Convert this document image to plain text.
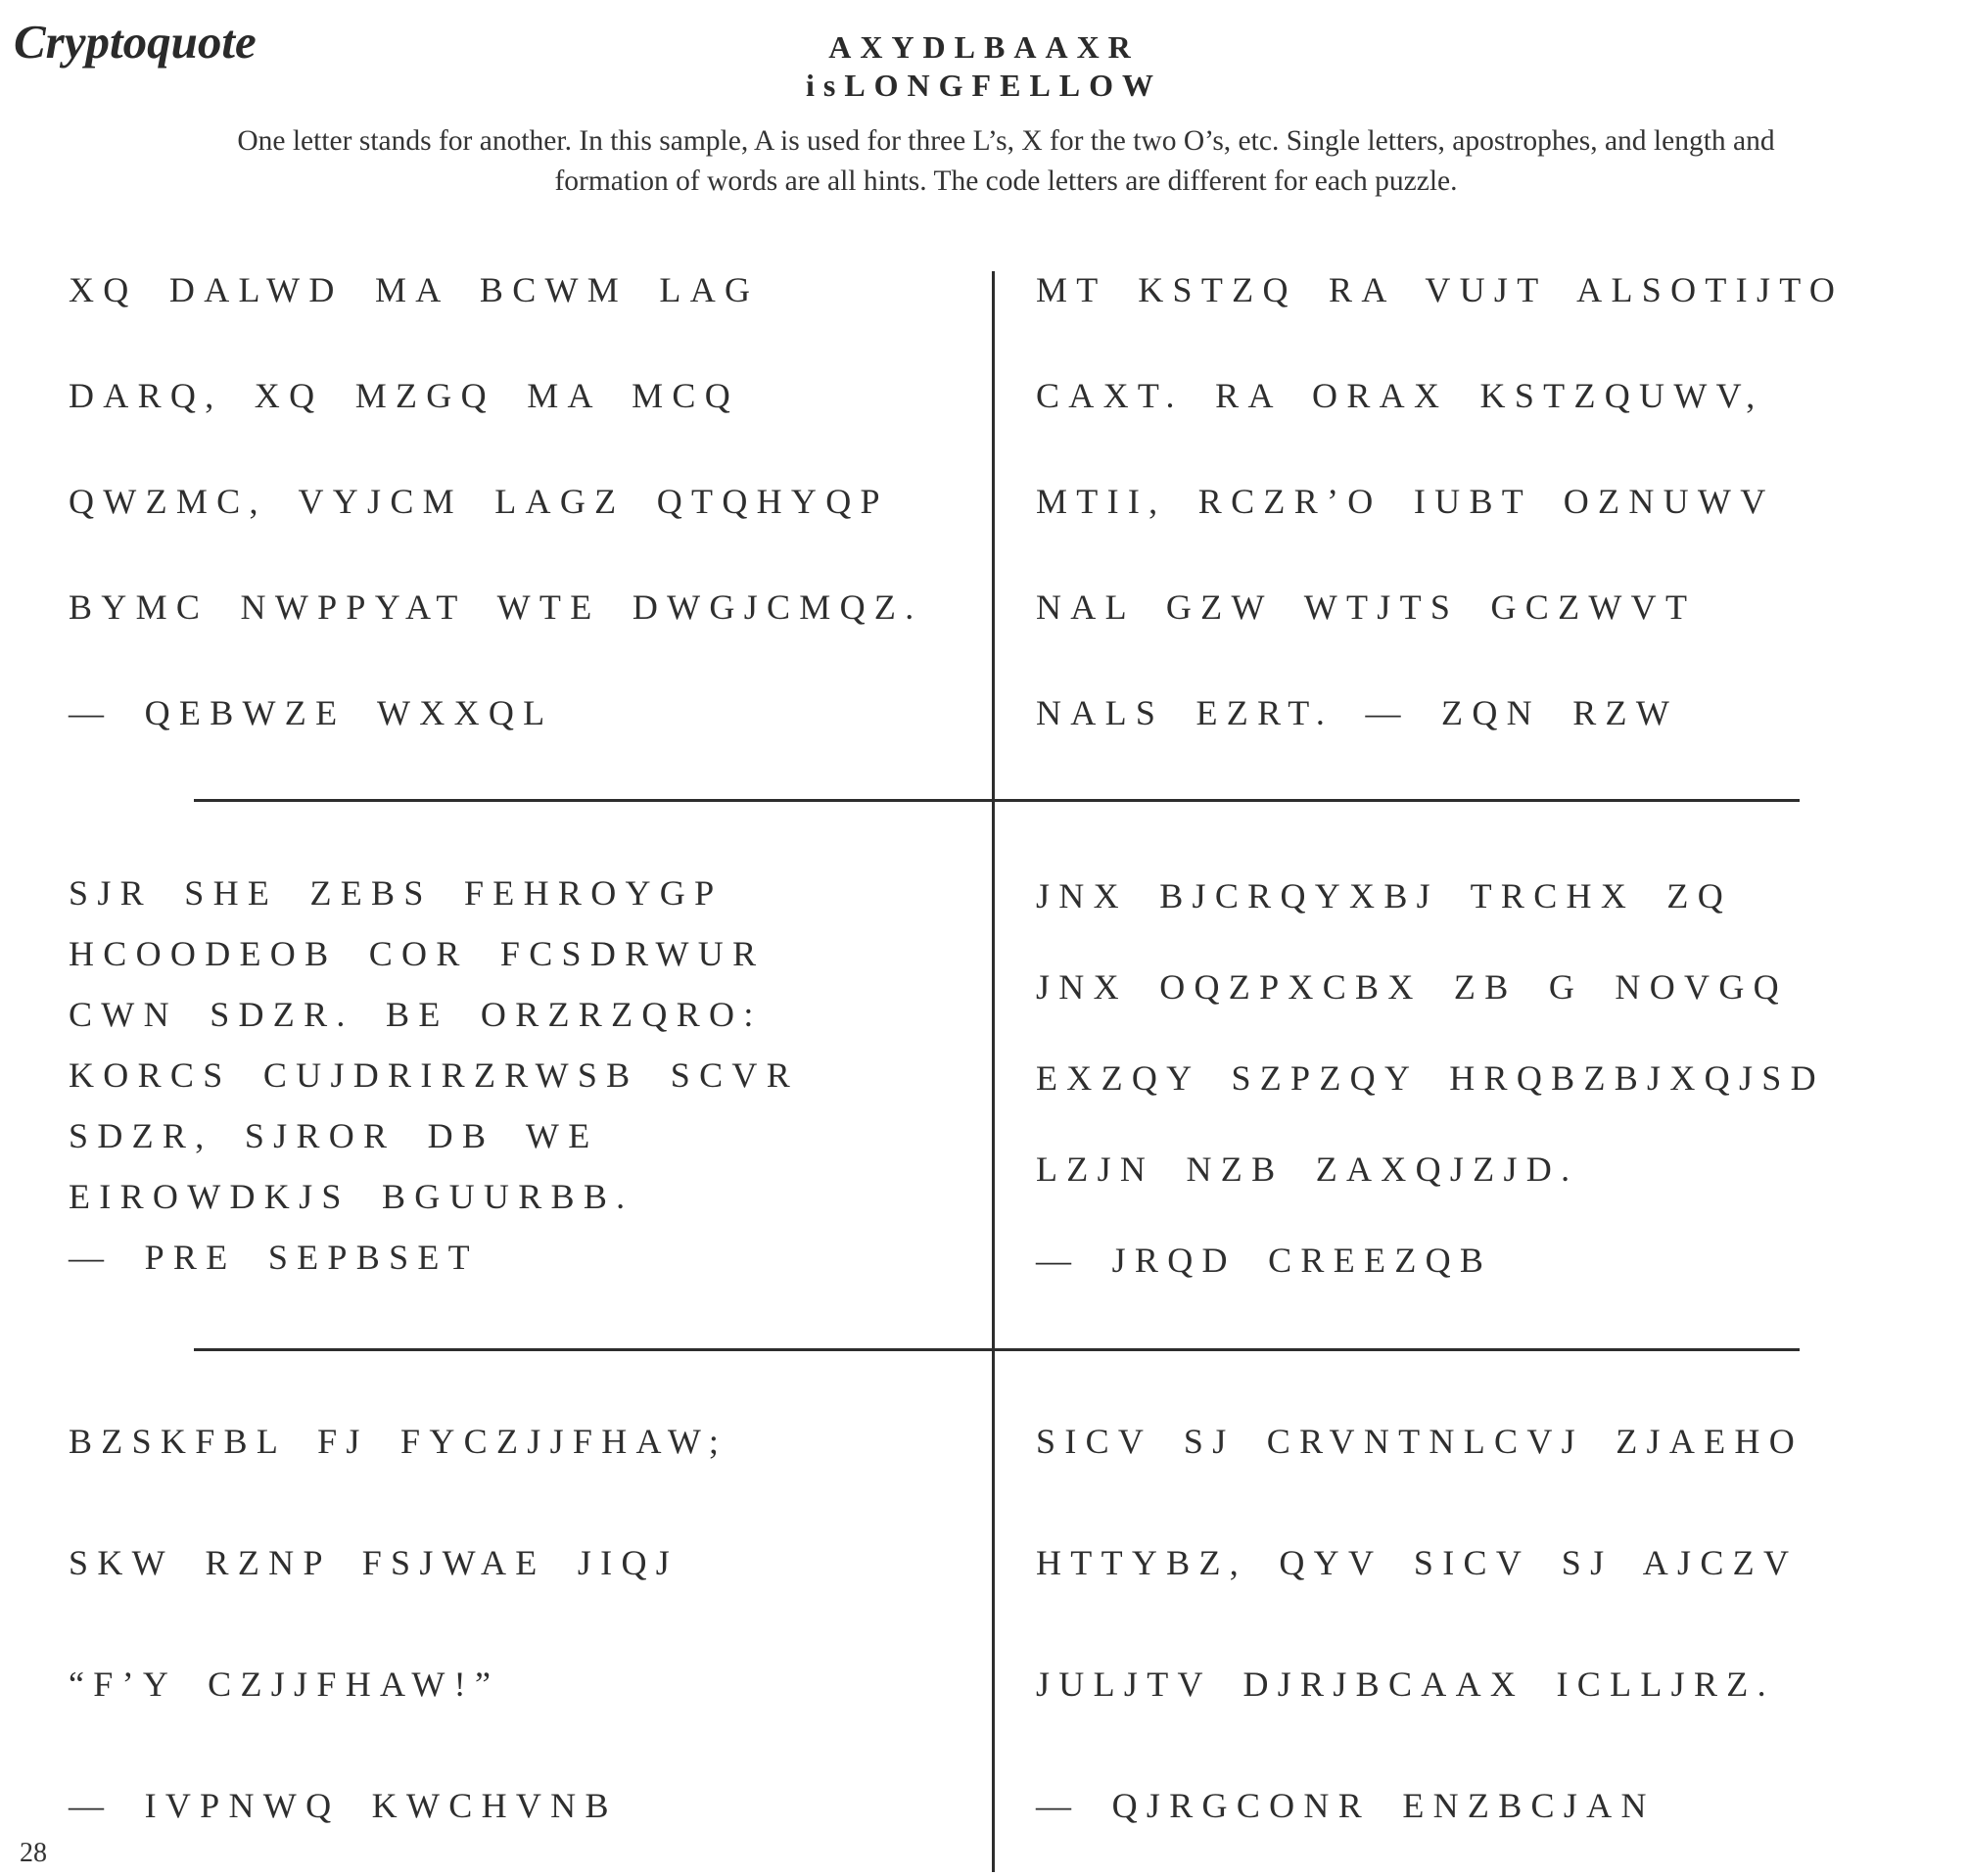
Cryptoquote	AXYDLBAAXR
isLONGFELLOW
One letter stands for another. In this sample, A is used for three L’s, X for the two O’s, etc. Single letters, apostrophes, and length and
formation of words are all hints. The code letters are different for each puzzle.
XQ DALWD MA BCWM LAG
DARQ, XQ MZGQ MA MCQ
QWZMC, VYJCM LAGZ QTQHYQP
BYMC NWPPYAT WTE DWGJCMQZ.
— QEBWZE WXXQL
MT KSTZQ RA VUJT ALSOTIJTO
CAXT. RA ORAX KSTZQUWV,
MTII, RCZR’O IUBT OZNUWV
NAL GZW WTJTS GCZWVT
NALS EZRT. — ZQN RZW
SJR SHE ZEBS FEHROYGP
HCOODEOB COR FCSDRWUR
CWN SDZR. BE ORZRZQRO:
KORCS CUJDRIRZRWSB SCVR
SDZR, SJROR DB WE
EIROWDKJS BGUURBB.
— PRE SEPBSET
JNX BJCRQYXBJ TRCHX ZQ
JNX OQZPXCBX ZB G NOVGQ
EXZQY SZPZQY HRQBZBJXQJSD
LZJN NZB ZAXQJZJD.
— JRQD CREEZQB
BZSKFBL FJ FYCZJJFHAW;
SKW RZNP FSJWAE JIQJ
“F’Y CZJJFHAW!”
— IVPNWQ KWCHVNB
SICV SJ CRVNTNLCVJ ZJAEHO
HTTYBZ, QYV SICV SJ AJCZV
JULJTV DJRJBCAAX ICLLJRZ.
— QJRGCONR ENZBCJAN
28
